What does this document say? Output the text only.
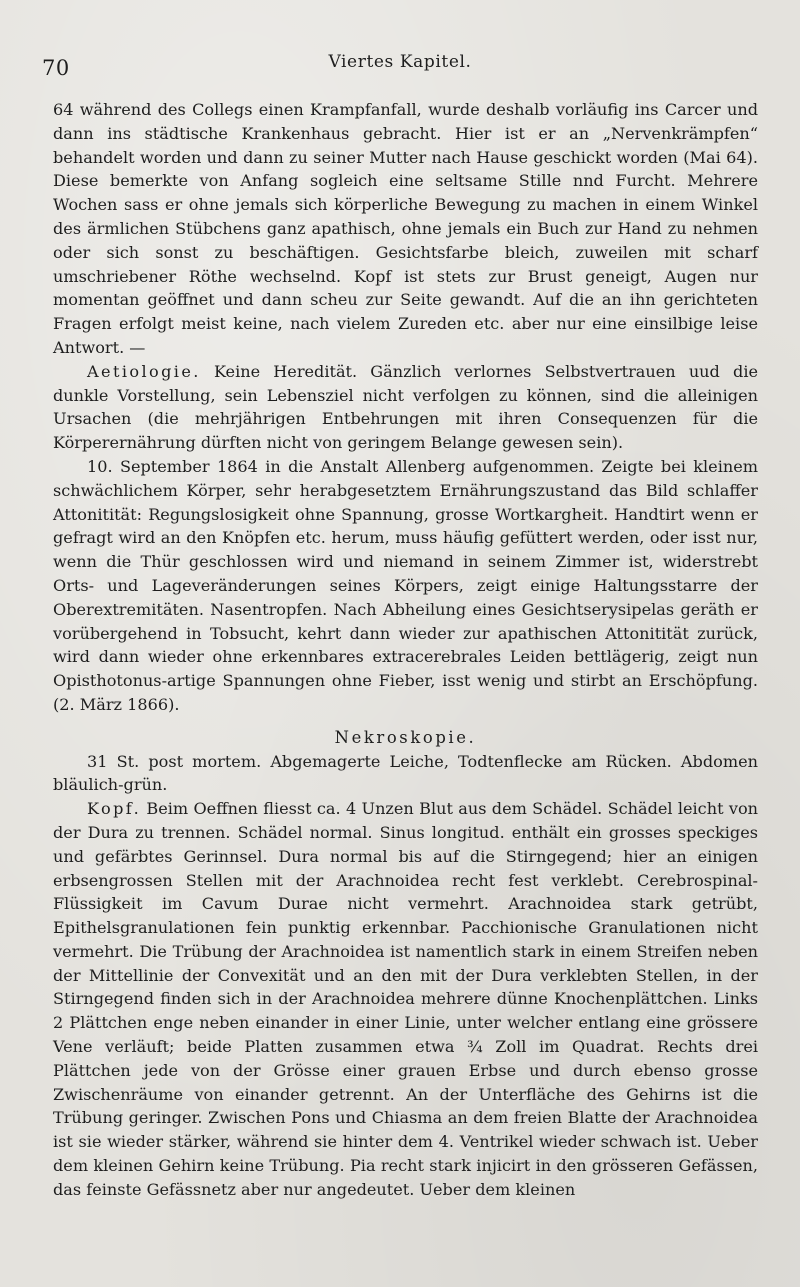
70	Viertes Kapitel.

64 während des Collegs einen Krampfanfall, wurde deshalb vorläufig ins Carcer und dann ins städtische Krankenhaus gebracht. Hier ist er an „Nervenkrämpfen“ behandelt worden und dann zu seiner Mutter nach Hause geschickt worden (Mai 64). Diese bemerkte von Anfang sogleich eine seltsame Stille nnd Furcht. Mehrere Wochen sass er ohne jemals sich körperliche Bewegung zu machen in einem Winkel des ärmlichen Stübchens ganz apathisch, ohne jemals ein Buch zur Hand zu nehmen oder sich sonst zu beschäftigen. Gesichtsfarbe bleich, zuweilen mit scharf umschriebener Röthe wechselnd. Kopf ist stets zur Brust geneigt, Augen nur momentan geöffnet und dann scheu zur Seite gewandt. Auf die an ihn gerichteten Fragen erfolgt meist keine, nach vielem Zureden etc. aber nur eine einsilbige leise Antwort. —

Aetiologie. Keine Heredität. Gänzlich verlornes Selbstvertrauen uud die dunkle Vorstellung, sein Lebensziel nicht verfolgen zu können, sind die alleinigen Ursachen (die mehrjährigen Entbehrungen mit ihren Consequenzen für die Körperernährung dürften nicht von geringem Belange gewesen sein).

10. September 1864 in die Anstalt Allenberg aufgenommen. Zeigte bei kleinem schwächlichem Körper, sehr herabgesetztem Ernährungszustand das Bild schlaffer Attonitität: Regungslosigkeit ohne Spannung, grosse Wortkargheit. Handtirt wenn er gefragt wird an den Knöpfen etc. herum, muss häufig gefüttert werden, oder isst nur, wenn die Thür geschlossen wird und niemand in seinem Zimmer ist, widerstrebt Orts- und Lageveränderungen seines Körpers, zeigt einige Haltungsstarre der Oberextremitäten. Nasentropfen. Nach Abheilung eines Gesichtserysipelas geräth er vorübergehend in Tobsucht, kehrt dann wieder zur apathischen Attonitität zurück, wird dann wieder ohne erkennbares extracerebrales Leiden bettlägerig, zeigt nun Opisthotonus-artige Spannungen ohne Fieber, isst wenig und stirbt an Erschöpfung. (2. März 1866).

Nekroskopie.

31 St. post mortem. Abgemagerte Leiche, Todtenflecke am Rücken. Abdomen bläulich-grün.

Kopf. Beim Oeffnen fliesst ca. 4 Unzen Blut aus dem Schädel. Schädel leicht von der Dura zu trennen. Schädel normal. Sinus longitud. enthält ein grosses speckiges und gefärbtes Gerinnsel. Dura normal bis auf die Stirngegend; hier an einigen erbsengrossen Stellen mit der Arachnoidea recht fest verklebt. Cerebrospinal-Flüssigkeit im Cavum Durae nicht vermehrt. Arachnoidea stark getrübt, Epithelsgranulationen fein punktig erkennbar. Pacchionische Granulationen nicht vermehrt. Die Trübung der Arachnoidea ist namentlich stark in einem Streifen neben der Mittellinie der Convexität und an den mit der Dura verklebten Stellen, in der Stirngegend finden sich in der Arachnoidea mehrere dünne Knochenplättchen. Links 2 Plättchen enge neben einander in einer Linie, unter welcher entlang eine grössere Vene verläuft; beide Platten zusammen etwa ¾ Zoll im Quadrat. Rechts drei Plättchen jede von der Grösse einer grauen Erbse und durch ebenso grosse Zwischenräume von einander getrennt. An der Unterfläche des Gehirns ist die Trübung geringer. Zwischen Pons und Chiasma an dem freien Blatte der Arachnoidea ist sie wieder stärker, während sie hinter dem 4. Ventrikel wieder schwach ist. Ueber dem kleinen Gehirn keine Trübung. Pia recht stark injicirt in den grösseren Gefässen, das feinste Gefässnetz aber nur angedeutet. Ueber dem kleinen
